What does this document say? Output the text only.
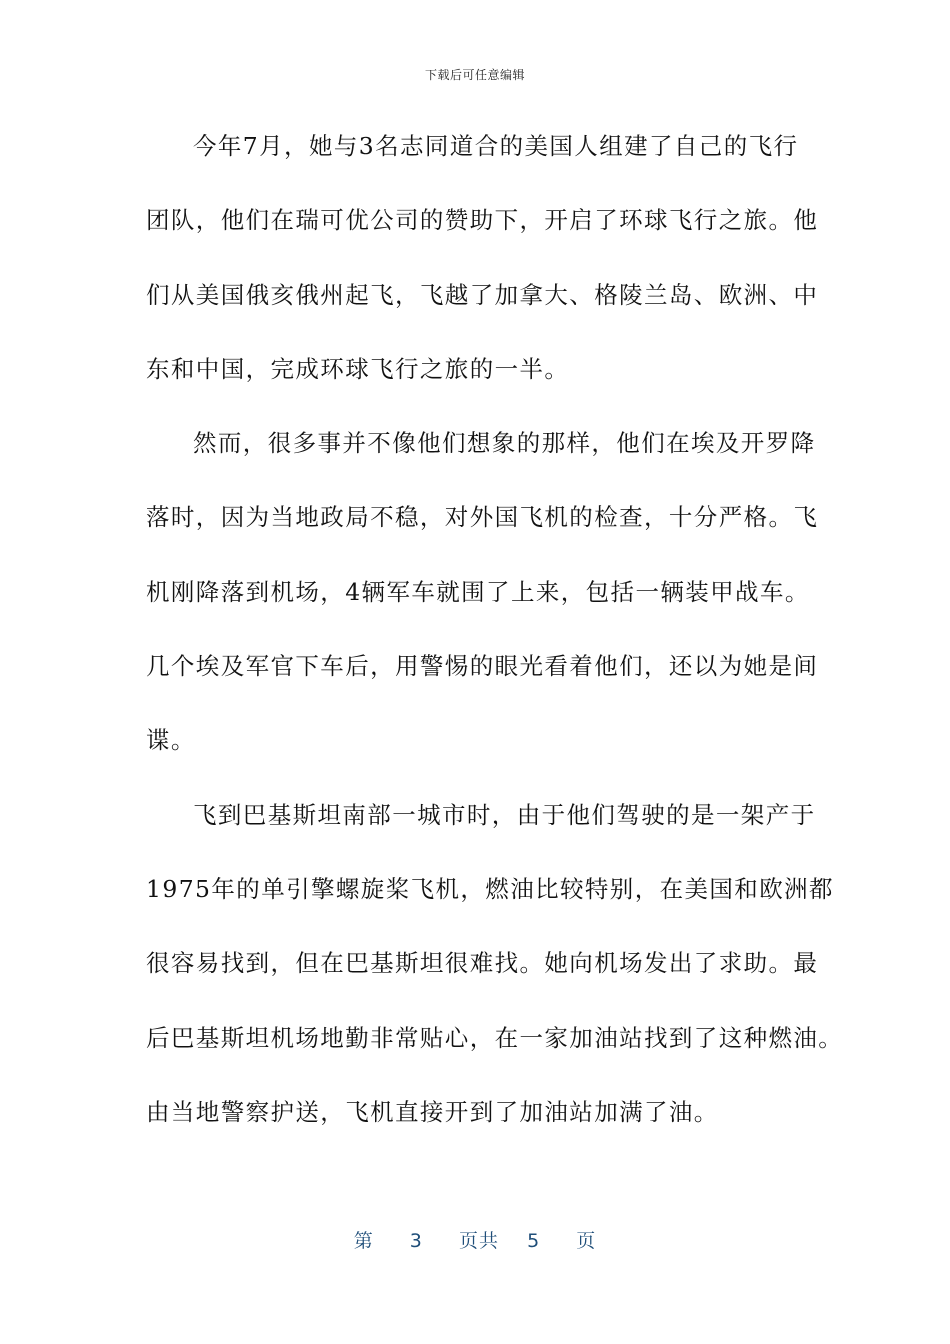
下载后可任意编辑
今年7月，她与3名志同道合的美国人组建了自己的飞行
团队，他们在瑞可优公司的赞助下，开启了环球飞行之旅。他
们从美国俄亥俄州起飞，飞越了加拿大、格陵兰岛、欧洲、中
东和中国，完成环球飞行之旅的一半。
然而，很多事并不像他们想象的那样，他们在埃及开罗降
落时，因为当地政局不稳，对外国飞机的检查，十分严格。飞
机刚降落到机场，4辆军车就围了上来，包括一辆装甲战车。
几个埃及军官下车后，用警惕的眼光看着他们，还以为她是间
谍。
飞到巴基斯坦南部一城市时，由于他们驾驶的是一架产于
1975年的单引擎螺旋桨飞机，燃油比较特别，在美国和欧洲都
很容易找到，但在巴基斯坦很难找。她向机场发出了求助。最
后巴基斯坦机场地勤非常贴心，在一家加油站找到了这种燃油。
由当地警察护送，飞机直接开到了加油站加满了油。
第 3 页共 5 页
